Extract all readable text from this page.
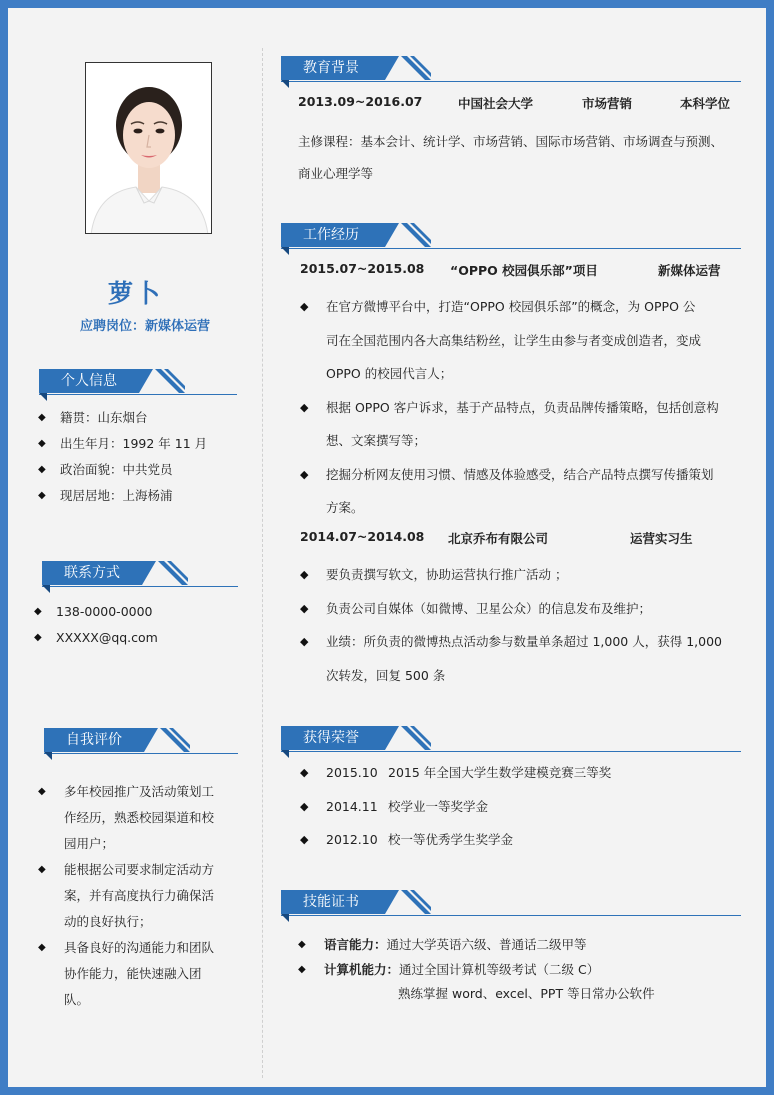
萝卜
应聘岗位：新媒体运营
个人信息
◆ 籍贯：山东烟台
◆ 出生年月：1992 年 11 月
◆ 政治面貌：中共党员
◆ 现居居地：上海杨浦
联系方式
◆ 138-0000-0000
◆ XXXXX@qq.com
自我评价
◆ 多年校园推广及活动策划工作经历，熟悉校园渠道和校园用户；
◆ 能根据公司要求制定活动方案，并有高度执行力确保活动的良好执行；
◆ 具备良好的沟通能力和团队协作能力，能快速融入团队。
教育背景
2013.09~2016.07	中国社会大学	市场营销	本科学位
主修课程：基本会计、统计学、市场营销、国际市场营销、市场调查与预测、
商业心理学等
工作经历
2015.07~2015.08	“OPPO 校园俱乐部”项目	新媒体运营
◆ 在官方微博平台中，打造“OPPO 校园俱乐部”的概念，为 OPPO 公
司在全国范围内各大高集结粉丝，让学生由参与者变成创造者，变成
OPPO 的校园代言人；
◆ 根据 OPPO 客户诉求，基于产品特点，负责品牌传播策略，包括创意构
想、文案撰写等；
◆ 挖掘分析网友使用习惯、情感及体验感受，结合产品特点撰写传播策划
方案。
2014.07~2014.08	北京乔布有限公司	运营实习生
◆ 要负责撰写软文，协助运营执行推广活动 ；
◆ 负责公司自媒体（如微博、卫星公众）的信息发布及维护；
◆ 业绩：所负责的微博热点活动参与数量单条超过 1,000 人，获得 1,000
次转发，回复 500 条
获得荣誉
◆ 2015.10 2015 年全国大学生数学建模竞赛三等奖
◆ 2014.11 校学业一等奖学金
◆ 2012.10 校一等优秀学生奖学金
技能证书
◆ 语言能力： 通过大学英语六级、普通话二级甲等
◆ 计算机能力： 通过全国计算机等级考试（二级 C）
熟练掌握 word、excel、PPT 等日常办公软件
